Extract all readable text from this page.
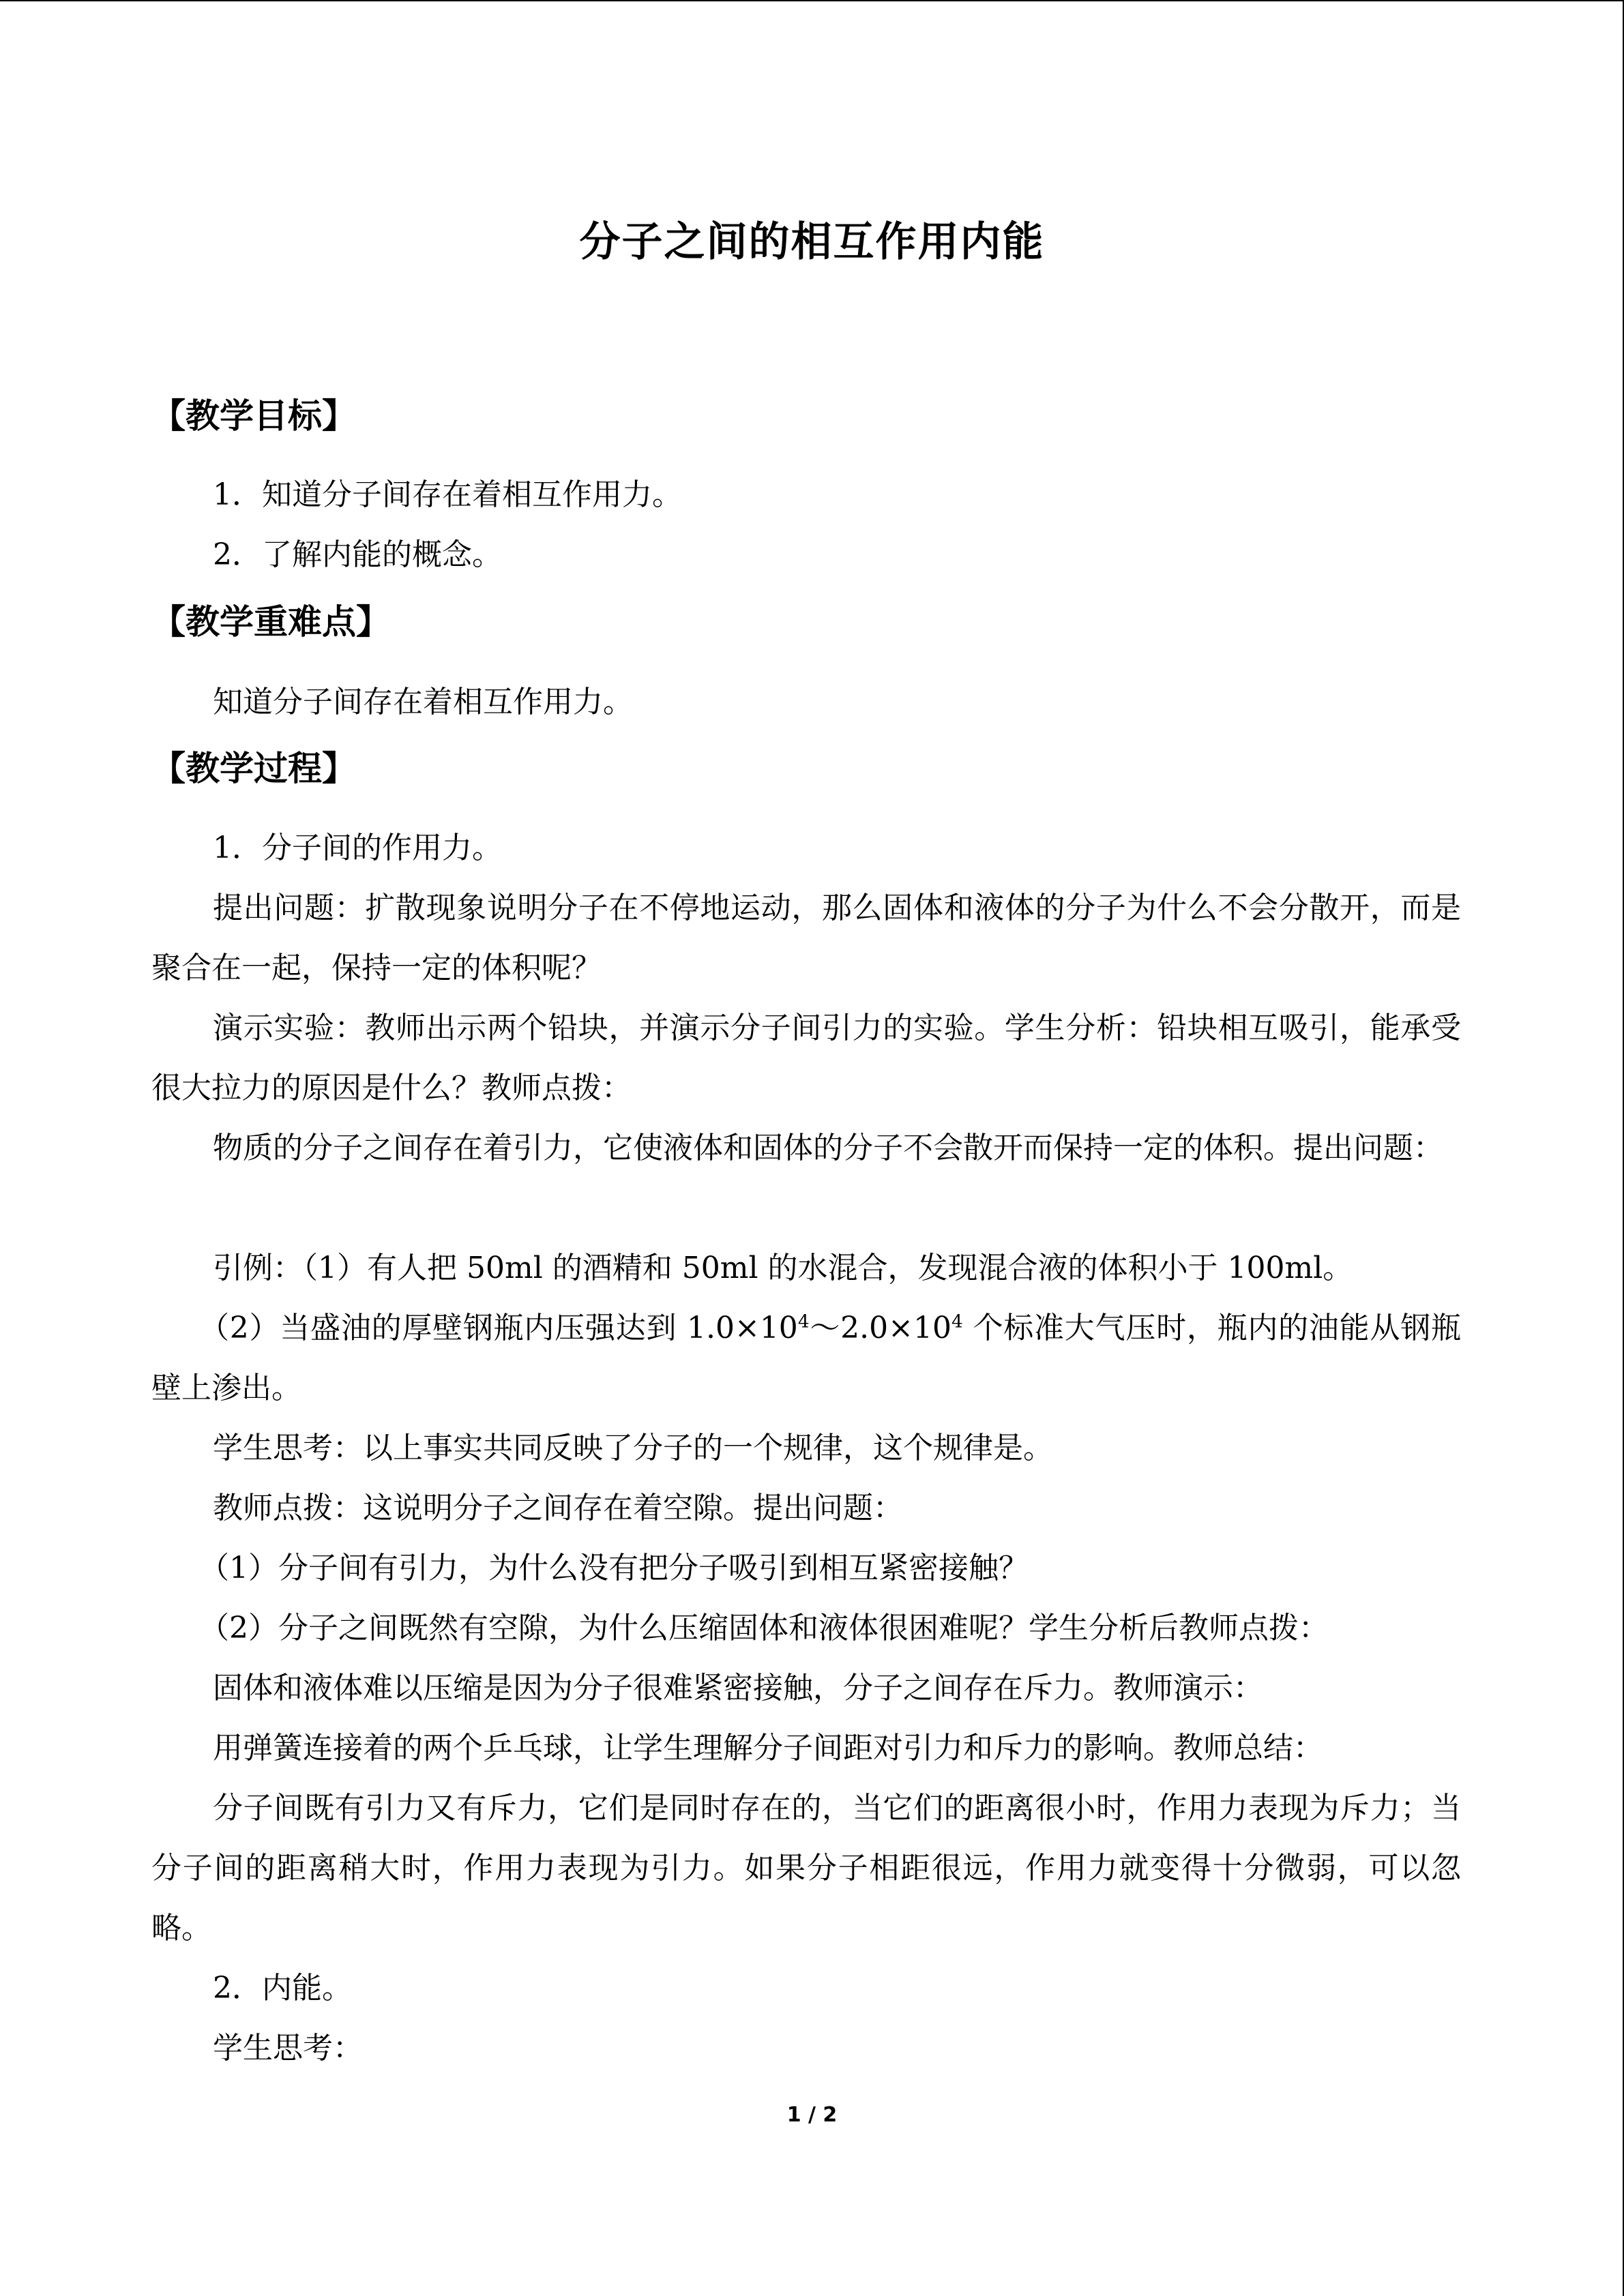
分子之间的相互作用内能
【教学目标】
1．知道分子间存在着相互作用力。
2．了解内能的概念。
【教学重难点】
知道分子间存在着相互作用力。
【教学过程】
1．分子间的作用力。
提出问题：扩散现象说明分子在不停地运动，那么固体和液体的分子为什么不会分散开，而是聚合在一起，保持一定的体积呢？
演示实验：教师出示两个铅块，并演示分子间引力的实验。学生分析：铅块相互吸引，能承受很大拉力的原因是什么？教师点拨：
物质的分子之间存在着引力，它使液体和固体的分子不会散开而保持一定的体积。提出问题：
引例：（1）有人把 50ml 的酒精和 50ml 的水混合，发现混合液的体积小于 100ml。
（2）当盛油的厚壁钢瓶内压强达到 $1.0\times 10^4\sim 2.0\times 10^4$ 个标准大气压时，瓶内的油能从钢瓶壁上渗出。
学生思考：以上事实共同反映了分子的一个规律，这个规律是。
教师点拨：这说明分子之间存在着空隙。提出问题：
（1）分子间有引力，为什么没有把分子吸引到相互紧密接触？
（2）分子之间既然有空隙，为什么压缩固体和液体很困难呢？学生分析后教师点拨：
固体和液体难以压缩是因为分子很难紧密接触，分子之间存在斥力。教师演示：
用弹簧连接着的两个乒乓球，让学生理解分子间距对引力和斥力的影响。教师总结：
分子间既有引力又有斥力，它们是同时存在的，当它们的距离很小时，作用力表现为斥力；当分子间的距离稍大时，作用力表现为引力。如果分子相距很远，作用力就变得十分微弱，可以忽略。
2．内能。
学生思考：
1 / 2
